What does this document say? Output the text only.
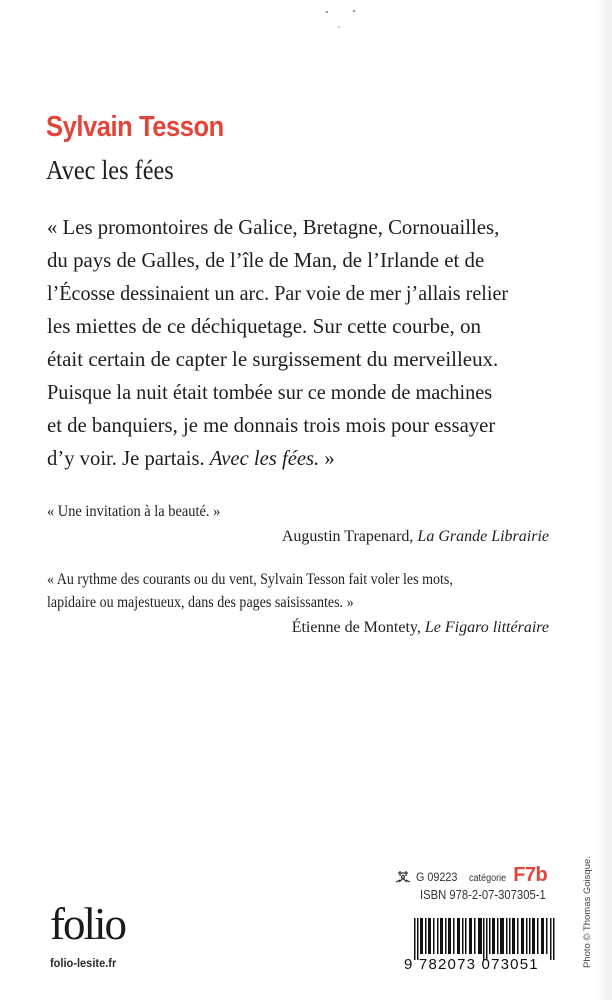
Sylvain Tesson
Avec les fées
« Les promontoires de Galice, Bretagne, Cornouailles,
du pays de Galles, de l’île de Man, de l’Irlande et de
l’Écosse dessinaient un arc. Par voie de mer j’allais relier
les miettes de ce déchiquetage. Sur cette courbe, on
était certain de capter le surgissement du merveilleux.
Puisque la nuit était tombée sur ce monde de machines
et de banquiers, je me donnais trois mois pour essayer
d’y voir. Je partais. Avec les fées. »
« Une invitation à la beauté. »
Augustin Trapenard, La Grande Librairie
« Au rythme des courants ou du vent, Sylvain Tesson fait voler les mots,
lapidaire ou majestueux, dans des pages saisissantes. »
Étienne de Montety, Le Figaro littéraire
folio
folio-lesite.fr
G 09223 catégorie F7b
ISBN 978-2-07-307305-1
9 782073 073051	Photo © Thomas Goisque.
